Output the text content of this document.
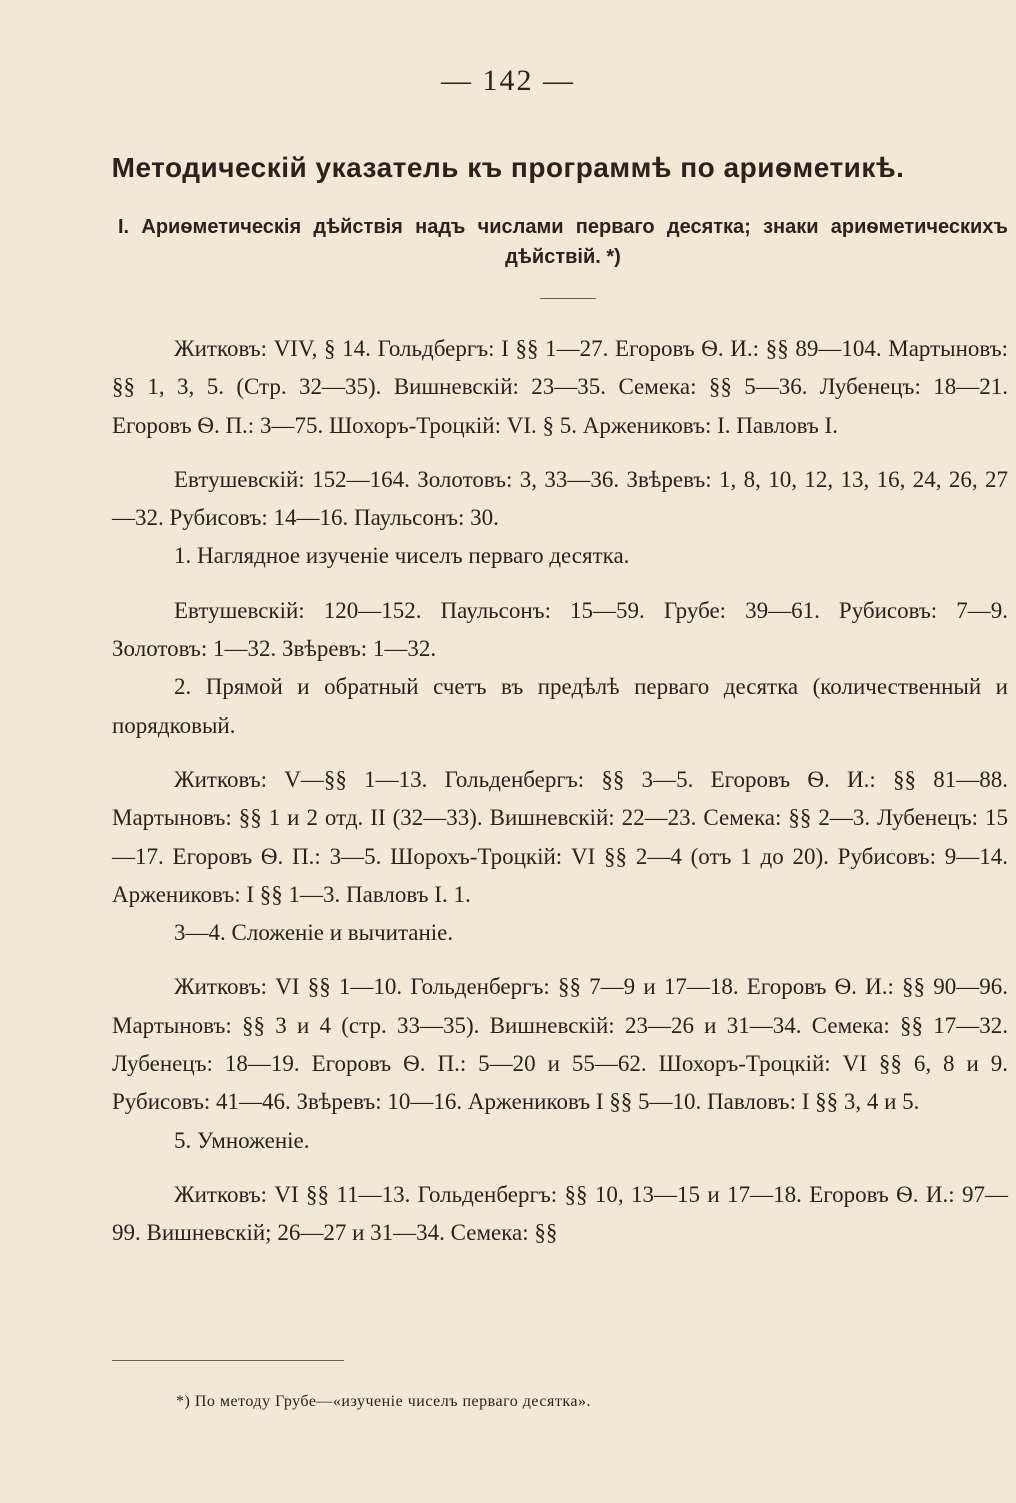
— 142 —
Методическій указатель къ программѣ по ариѳметикѣ.
I. Ариѳметическія дѣйствія надъ числами перваго десятка; знаки ариѳметическихъ дѣйствій. *)

Житковъ: VIV, § 14. Гольдбергъ: I §§ 1—27. Егоровъ Ѳ. И.: §§ 89—104. Мартыновъ: §§ 1, 3, 5. (Стр. 32—35). Вишневскій: 23—35. Семека: §§ 5—36. Лубенецъ: 18—21. Егоровъ Ѳ. П.: 3—75. Шохоръ-Троцкій: VI. § 5. Аржениковъ: I. Павловъ I.

Евтушевскій: 152—164. Золотовъ: 3, 33—36. Звѣревъ: 1, 8, 10, 12, 13, 16, 24, 26, 27—32. Рубисовъ: 14—16. Паульсонъ: 30.

1. Наглядное изученіе чиселъ перваго десятка.

Евтушевскій: 120—152. Паульсонъ: 15—59. Грубе: 39—61. Рубисовъ: 7—9. Золотовъ: 1—32. Звѣревъ: 1—32.

2. Прямой и обратный счетъ въ предѣлѣ перваго десятка (количественный и порядковый.

Житковъ: V—§§ 1—13. Гольденбергъ: §§ 3—5. Егоровъ Ѳ. И.: §§ 81—88. Мартыновъ: §§ 1 и 2 отд. II (32—33). Вишневскій: 22—23. Семека: §§ 2—3. Лубенецъ: 15—17. Егоровъ Ѳ. П.: 3—5. Шорохъ-Троцкій: VI §§ 2—4 (отъ 1 до 20). Рубисовъ: 9—14. Аржениковъ: I §§ 1—3. Павловъ I. 1.

3—4. Сложеніе и вычитаніе.

Житковъ: VI §§ 1—10. Гольденбергъ: §§ 7—9 и 17—18. Егоровъ Ѳ. И.: §§ 90—96. Мартыновъ: §§ 3 и 4 (стр. 33—35). Вишневскій: 23—26 и 31—34. Семека: §§ 17—32. Лубенецъ: 18—19. Егоровъ Ѳ. П.: 5—20 и 55—62. Шохоръ-Троцкій: VI §§ 6, 8 и 9. Рубисовъ: 41—46. Звѣревъ: 10—16. Аржениковъ I §§ 5—10. Павловъ: I §§ 3, 4 и 5.

5. Умноженіе.

Житковъ: VI §§ 11—13. Гольденбергъ: §§ 10, 13—15 и 17—18. Егоровъ Ѳ. И.: 97—99. Вишневскій; 26—27 и 31—34. Семека: §§

*) По методу Грубе—«изученіе чиселъ перваго десятка».
